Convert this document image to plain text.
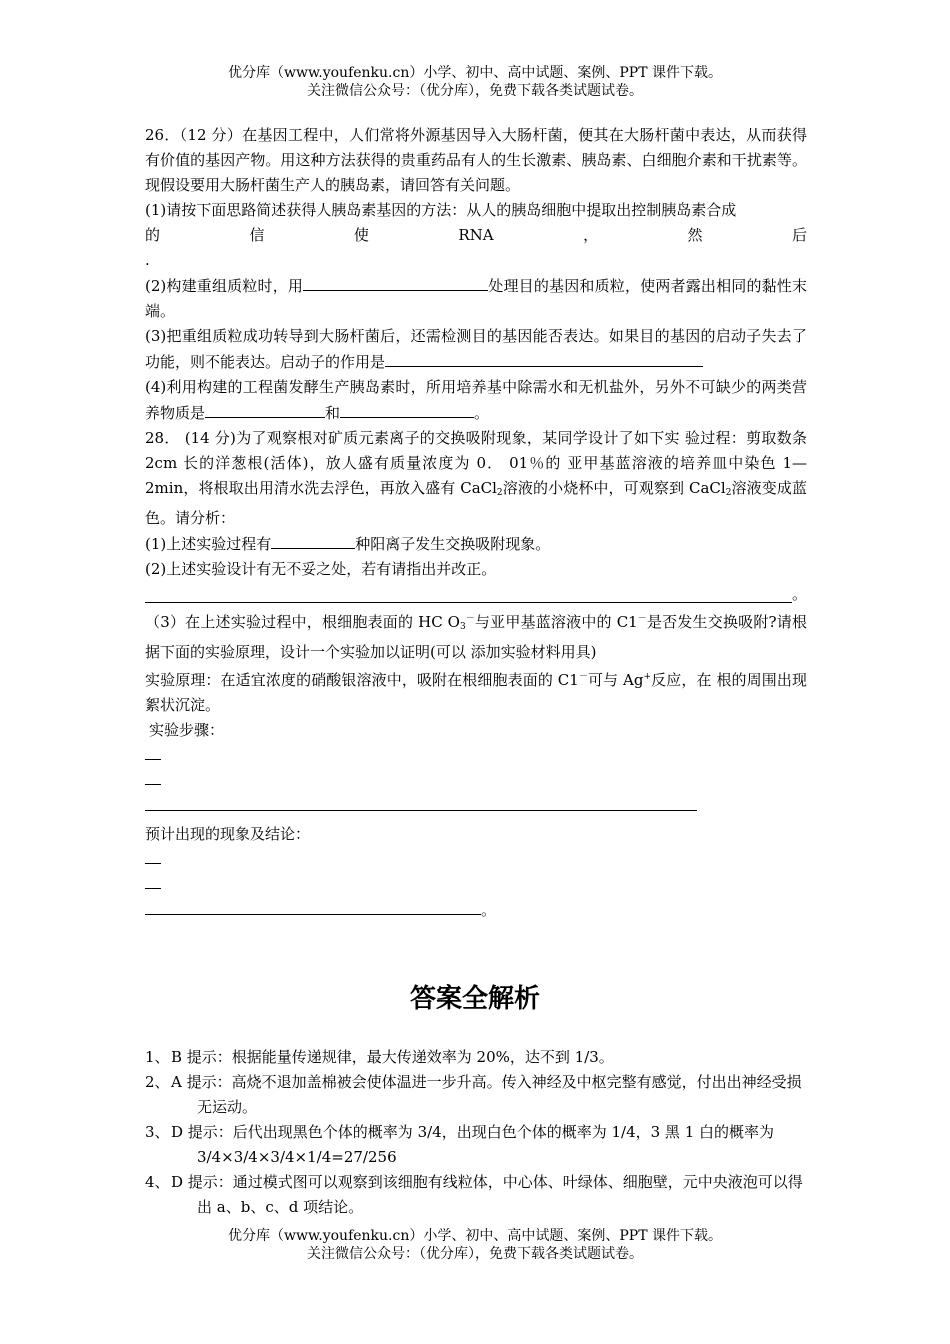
优分库（www.youfenku.cn）小学、初中、高中试题、案例、PPT 课件下载。
关注微信公众号：（优分库），免费下载各类试题试卷。

26．（12 分）在基因工程中，人们常将外源基因导入大肠杆菌，便其在大肠杆菌中表达，从而获得有价值的基因产物。用这种方法获得的贵重药品有人的生长激素、胰岛素、白细胞介素和干扰素等。现假设要用大肠杆菌生产人的胰岛素，请回答有关问题。

(1)请按下面思路简述获得人胰岛素基因的方法：从人的胰岛细胞中提取出控制胰岛素合成

的	信	使	RNA	，	然	后

.

(2)构建重组质粒时，用	处理目的基因和质粒，使两者露出相同的黏性末端。

(3)把重组质粒成功转导到大肠杆菌后，还需检测目的基因能否表达。如果目的基因的启动子失去了功能，则不能表达。启动子的作用是

(4)利用构建的工程菌发酵生产胰岛素时，所用培养基中除需水和无机盐外，另外不可缺少的两类营养物质是	和	。

28． (14 分)为了观察根对矿质元素离子的交换吸附现象，某同学设计了如下实 验过程：剪取数条 2cm 长的洋葱根(活体)，放人盛有质量浓度为 0． 01％的 亚甲基蓝溶液的培养皿中染色 1—2min，将根取出用清水洗去浮色，再放入盛有 CaCl$_2$溶液的小烧杯中，可观察到 CaCl$_2$溶液变成蓝色。请分析：

(1)上述实验过程有	种阳离子发生交换吸附现象。

(2)上述实验设计有无不妥之处，若有请指出并改正。

。

（3）在上述实验过程中，根细胞表面的 HC $O_3^-$与亚甲基蓝溶液中的 C1－是否发生交换吸附?请根据下面的实验原理，设计一个实验加以证明(可以 添加实验材料用具)

实验原理：在适宜浓度的硝酸银溶液中，吸附在根细胞表面的 C1－可与 Ag+反应，在 根的周围出现絮状沉淀。

实验步骤：

预计出现的现象及结论：

。
答案全解析

1、B 提示：根据能量传递规律，最大传递效率为 20%，达不到 1/3。

2、A 提示：高烧不退加盖棉被会使体温进一步升高。传入神经及中枢完整有感觉，付出出神经受损无运动。

3、D 提示：后代出现黑色个体的概率为 3/4，出现白色个体的概率为 1/4，3 黑 1 白的概率为 3/4×3/4×3/4×1/4=27/256

4、D 提示：通过模式图可以观察到该细胞有线粒体，中心体、叶绿体、细胞壁，元中央液泡可以得出 a、b、c、d 项结论。

优分库（www.youfenku.cn）小学、初中、高中试题、案例、PPT 课件下载。
关注微信公众号：（优分库），免费下载各类试题试卷。
